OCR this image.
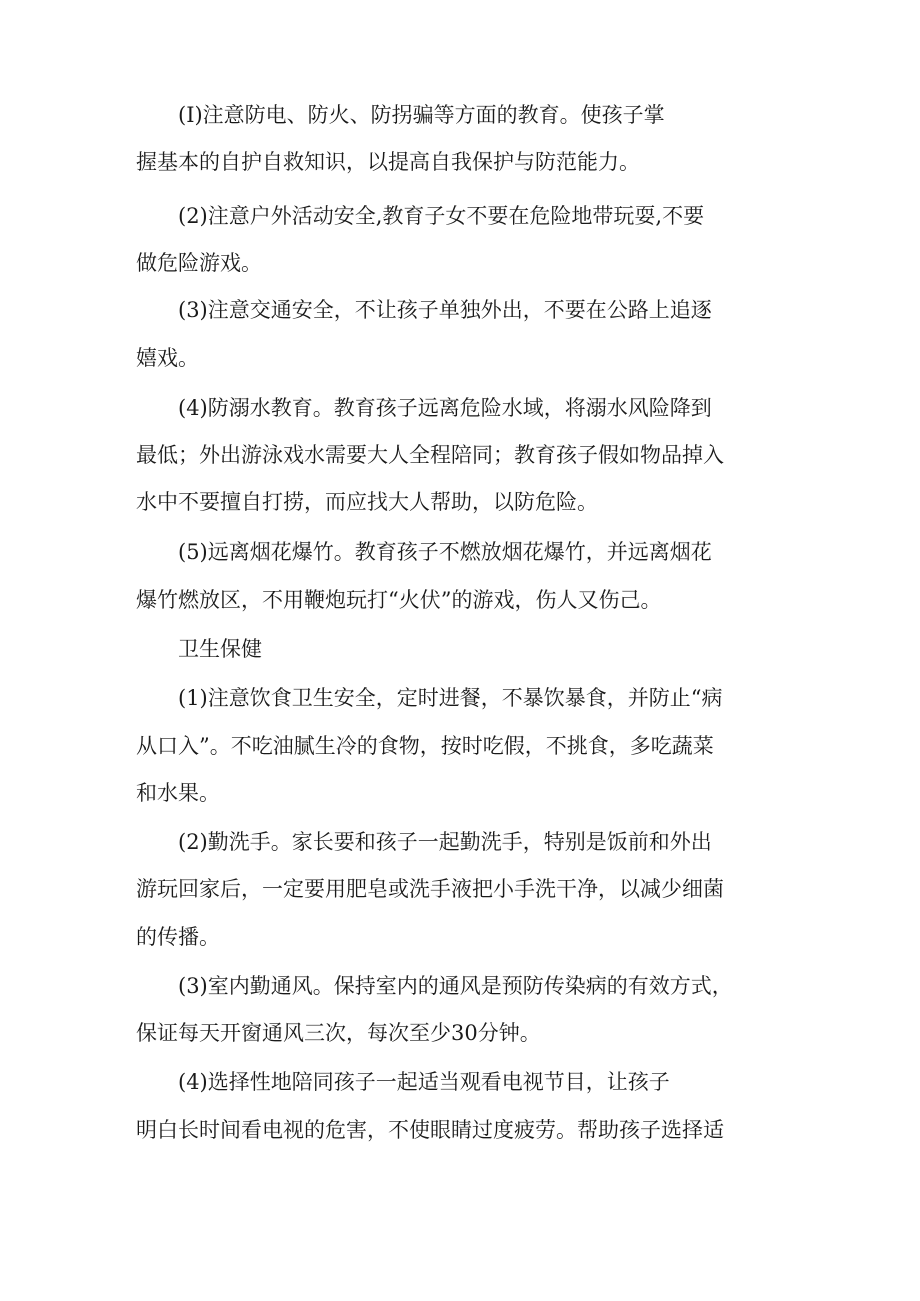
(I)注意防电、防火、防拐骗等方面的教育。使孩子掌
握基本的自护自救知识，以提高自我保护与防范能力。
(2)注意户外活动安全,教育子女不要在危险地带玩耍,不要
做危险游戏。
(3)注意交通安全，不让孩子单独外出，不要在公路上追逐
嬉戏。
(4)防溺水教育。教育孩子远离危险水域，将溺水风险降到
最低；外出游泳戏水需要大人全程陪同；教育孩子假如物品掉入
水中不要擅自打捞，而应找大人帮助，以防危险。
(5)远离烟花爆竹。教育孩子不燃放烟花爆竹，并远离烟花
爆竹燃放区，不用鞭炮玩打“火伏”的游戏，伤人又伤己。
卫生保健
(1)注意饮食卫生安全，定时进餐，不暴饮暴食，并防止“病
从口入”。不吃油腻生冷的食物，按时吃假，不挑食，多吃蔬菜
和水果。
(2)勤洗手。家长要和孩子一起勤洗手，特别是饭前和外出
游玩回家后，一定要用肥皂或洗手液把小手洗干净，以减少细菌
的传播。
(3)室内勤通风。保持室内的通风是预防传染病的有效方式，
保证每天开窗通风三次，每次至少30分钟。
(4)选择性地陪同孩子一起适当观看电视节目，让孩子
明白长时间看电视的危害，不使眼睛过度疲劳。帮助孩子选择适
